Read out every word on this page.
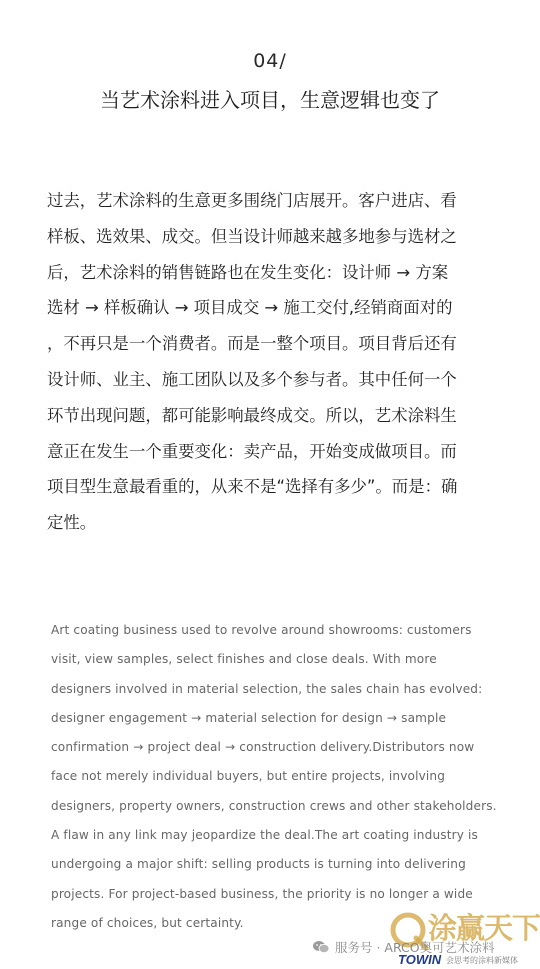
04/
当艺术涂料进入项目，生意逻辑也变了
过去，艺术涂料的生意更多围绕门店展开。客户进店、看
样板、选效果、成交。但当设计师越来越多地参与选材之
后，艺术涂料的销售链路也在发生变化：设计师 → 方案
选材 → 样板确认 → 项目成交 → 施工交付,经销商面对的
，不再只是一个消费者。而是一整个项目。项目背后还有
设计师、业主、施工团队以及多个参与者。其中任何一个
环节出现问题，都可能影响最终成交。所以，艺术涂料生
意正在发生一个重要变化：卖产品，开始变成做项目。而
项目型生意最看重的，从来不是“选择有多少”。而是：确
定性。
Art coating business used to revolve around showrooms: customers
visit, view samples, select finishes and close deals. With more
designers involved in material selection, the sales chain has evolved:
designer engagement → material selection for design → sample
confirmation → project deal → construction delivery.Distributors now
face not merely individual buyers, but entire projects, involving
designers, property owners, construction crews and other stakeholders.
A flaw in any link may jeopardize the deal.The art coating industry is
undergoing a major shift: selling products is turning into delivering
projects. For project-based business, the priority is no longer a wide
range of choices, but certainty.	涂赢天下
服务号 · ARCO奥可艺术涂料
TOWIN 会思考的涂料新媒体
